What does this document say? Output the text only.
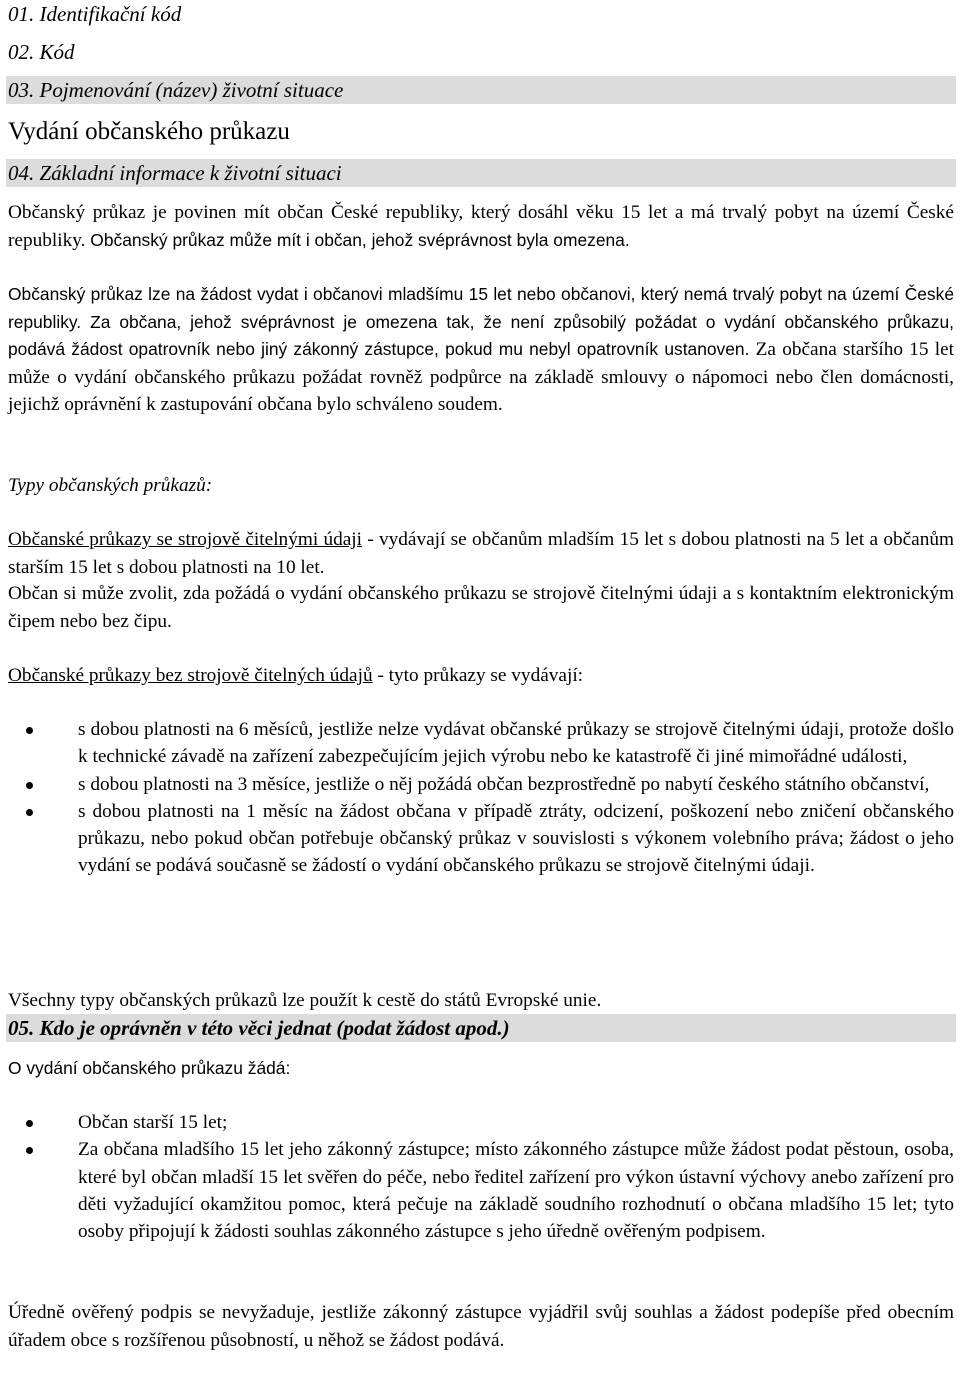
01. Identifikační kód
02. Kód
03. Pojmenování (název) životní situace
Vydání občanského průkazu
04. Základní informace k životní situaci

Občanský průkaz je povinen mít občan České republiky, který dosáhl věku 15 let a má trvalý pobyt na území České republiky. Občanský průkaz může mít i občan, jehož svéprávnost byla omezena.

Občanský průkaz lze na žádost vydat i občanovi mladšímu 15 let nebo občanovi, který nemá trvalý pobyt na území České republiky. Za občana, jehož svéprávnost je omezena tak, že není způsobilý požádat o vydání občanského průkazu, podává žádost opatrovník nebo jiný zákonný zástupce, pokud mu nebyl opatrovník ustanoven. Za občana staršího 15 let může o vydání občanského průkazu požádat rovněž podpůrce na základě smlouvy o nápomoci nebo člen domácnosti, jejichž oprávnění k zastupování občana bylo schváleno soudem.

Typy občanských průkazů:

Občanské průkazy se strojově čitelnými údaji - vydávají se občanům mladším 15 let s dobou platnosti na 5 let a občanům starším 15 let s dobou platnosti na 10 let.

Občan si může zvolit, zda požádá o vydání občanského průkazu se strojově čitelnými údaji a s kontaktním elektronickým čipem nebo bez čipu.

Občanské průkazy bez strojově čitelných údajů - tyto průkazy se vydávají:

s dobou platnosti na 6 měsíců, jestliže nelze vydávat občanské průkazy se strojově čitelnými údaji, protože došlo k technické závadě na zařízení zabezpečujícím jejich výrobu nebo ke katastrofě či jiné mimořádné události,
s dobou platnosti na 3 měsíce, jestliže o něj požádá občan bezprostředně po nabytí českého státního občanství,
s dobou platnosti na 1 měsíc na žádost občana v případě ztráty, odcizení, poškození nebo zničení občanského průkazu, nebo pokud občan potřebuje občanský průkaz v souvislosti s výkonem volebního práva; žádost o jeho vydání se podává současně se žádostí o vydání občanského průkazu se strojově čitelnými údaji.

Všechny typy občanských průkazů lze použít k cestě do států Evropské unie.

05. Kdo je oprávněn v této věci jednat (podat žádost apod.)

O vydání občanského průkazu žádá:

Občan starší 15 let;
Za občana mladšího 15 let jeho zákonný zástupce; místo zákonného zástupce může žádost podat pěstoun, osoba, které byl občan mladší 15 let svěřen do péče, nebo ředitel zařízení pro výkon ústavní výchovy anebo zařízení pro děti vyžadující okamžitou pomoc, která pečuje na základě soudního rozhodnutí o občana mladšího 15 let; tyto osoby připojují k žádosti souhlas zákonného zástupce s jeho úředně ověřeným podpisem.

Úředně ověřený podpis se nevyžaduje, jestliže zákonný zástupce vyjádřil svůj souhlas a žádost podepíše před obecním úřadem obce s rozšířenou působností, u něhož se žádost podává.
